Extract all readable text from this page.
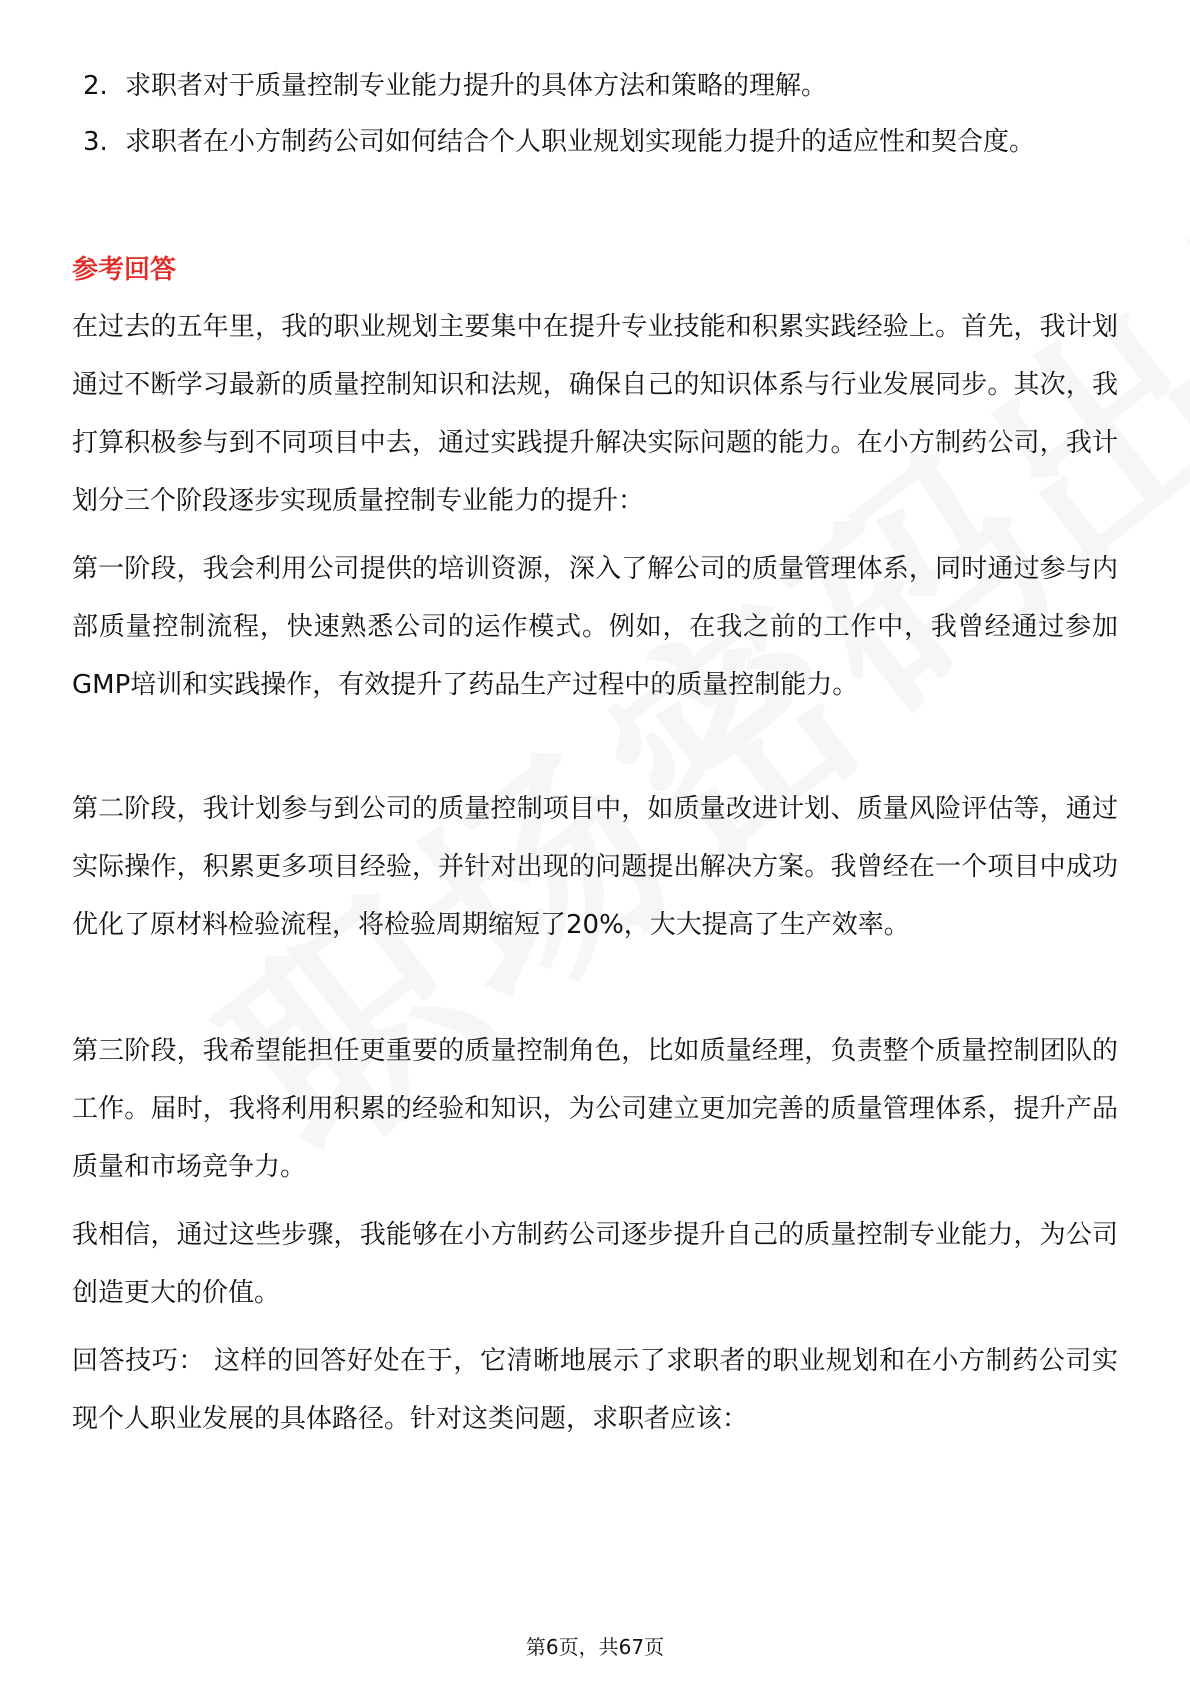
2. 求职者对于质量控制专业能力提升的具体方法和策略的理解。
3. 求职者在小方制药公司如何结合个人职业规划实现能力提升的适应性和契合度。
参考回答

在过去的五年里，我的职业规划主要集中在提升专业技能和积累实践经验上。首先，我计划通过不断学习最新的质量控制知识和法规，确保自己的知识体系与行业发展同步。其次，我打算积极参与到不同项目中去，通过实践提升解决实际问题的能力。在小方制药公司，我计划分三个阶段逐步实现质量控制专业能力的提升：

第一阶段，我会利用公司提供的培训资源，深入了解公司的质量管理体系，同时通过参与内部质量控制流程，快速熟悉公司的运作模式。例如，在我之前的工作中，我曾经通过参加GMP培训和实践操作，有效提升了药品生产过程中的质量控制能力。

第二阶段，我计划参与到公司的质量控制项目中，如质量改进计划、质量风险评估等，通过实际操作，积累更多项目经验，并针对出现的问题提出解决方案。我曾经在一个项目中成功优化了原材料检验流程，将检验周期缩短了20%，大大提高了生产效率。

第三阶段，我希望能担任更重要的质量控制角色，比如质量经理，负责整个质量控制团队的工作。届时，我将利用积累的经验和知识，为公司建立更加完善的质量管理体系，提升产品质量和市场竞争力。

我相信，通过这些步骤，我能够在小方制药公司逐步提升自己的质量控制专业能力，为公司创造更大的价值。

回答技巧： 这样的回答好处在于，它清晰地展示了求职者的职业规划和在小方制药公司实现个人职业发展的具体路径。针对这类问题，求职者应该：

第6页，共67页
